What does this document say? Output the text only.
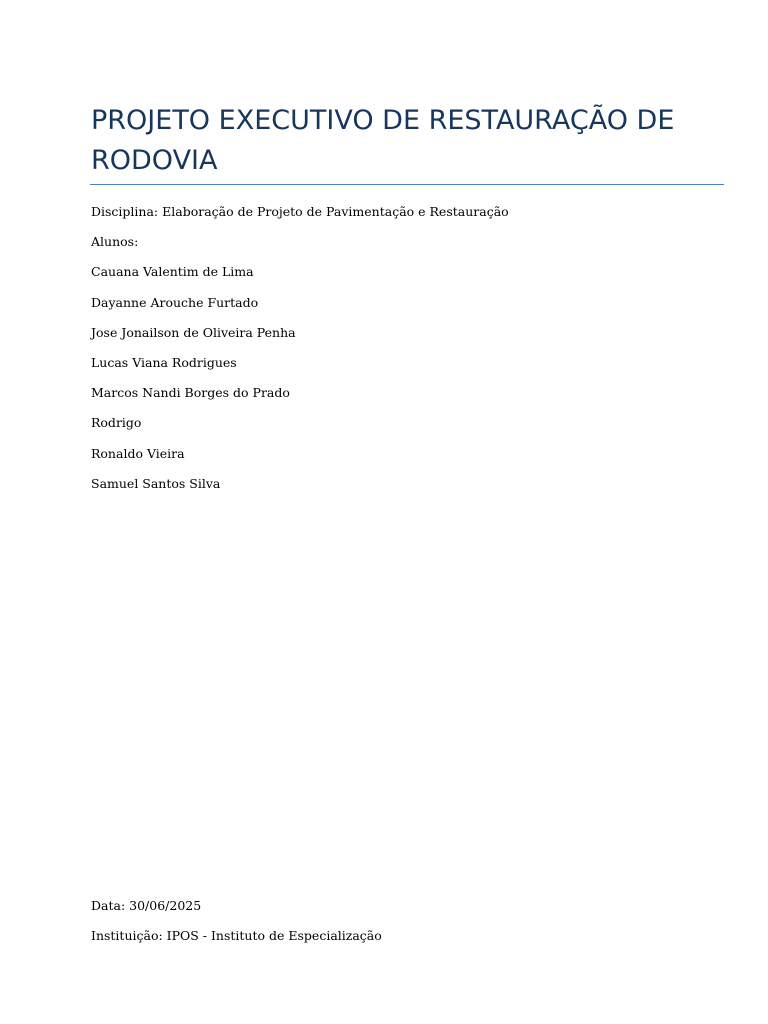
PROJETO EXECUTIVO DE RESTAURAÇÃO DE RODOVIA

Disciplina: Elaboração de Projeto de Pavimentação e Restauração

Alunos:

Cauana Valentim de Lima

Dayanne Arouche Furtado

Jose Jonailson de Oliveira Penha

Lucas Viana Rodrigues

Marcos Nandi Borges do Prado

Rodrigo

Ronaldo Vieira

Samuel Santos Silva

Data: 30/06/2025

Instituição: IPOS - Instituto de Especialização
